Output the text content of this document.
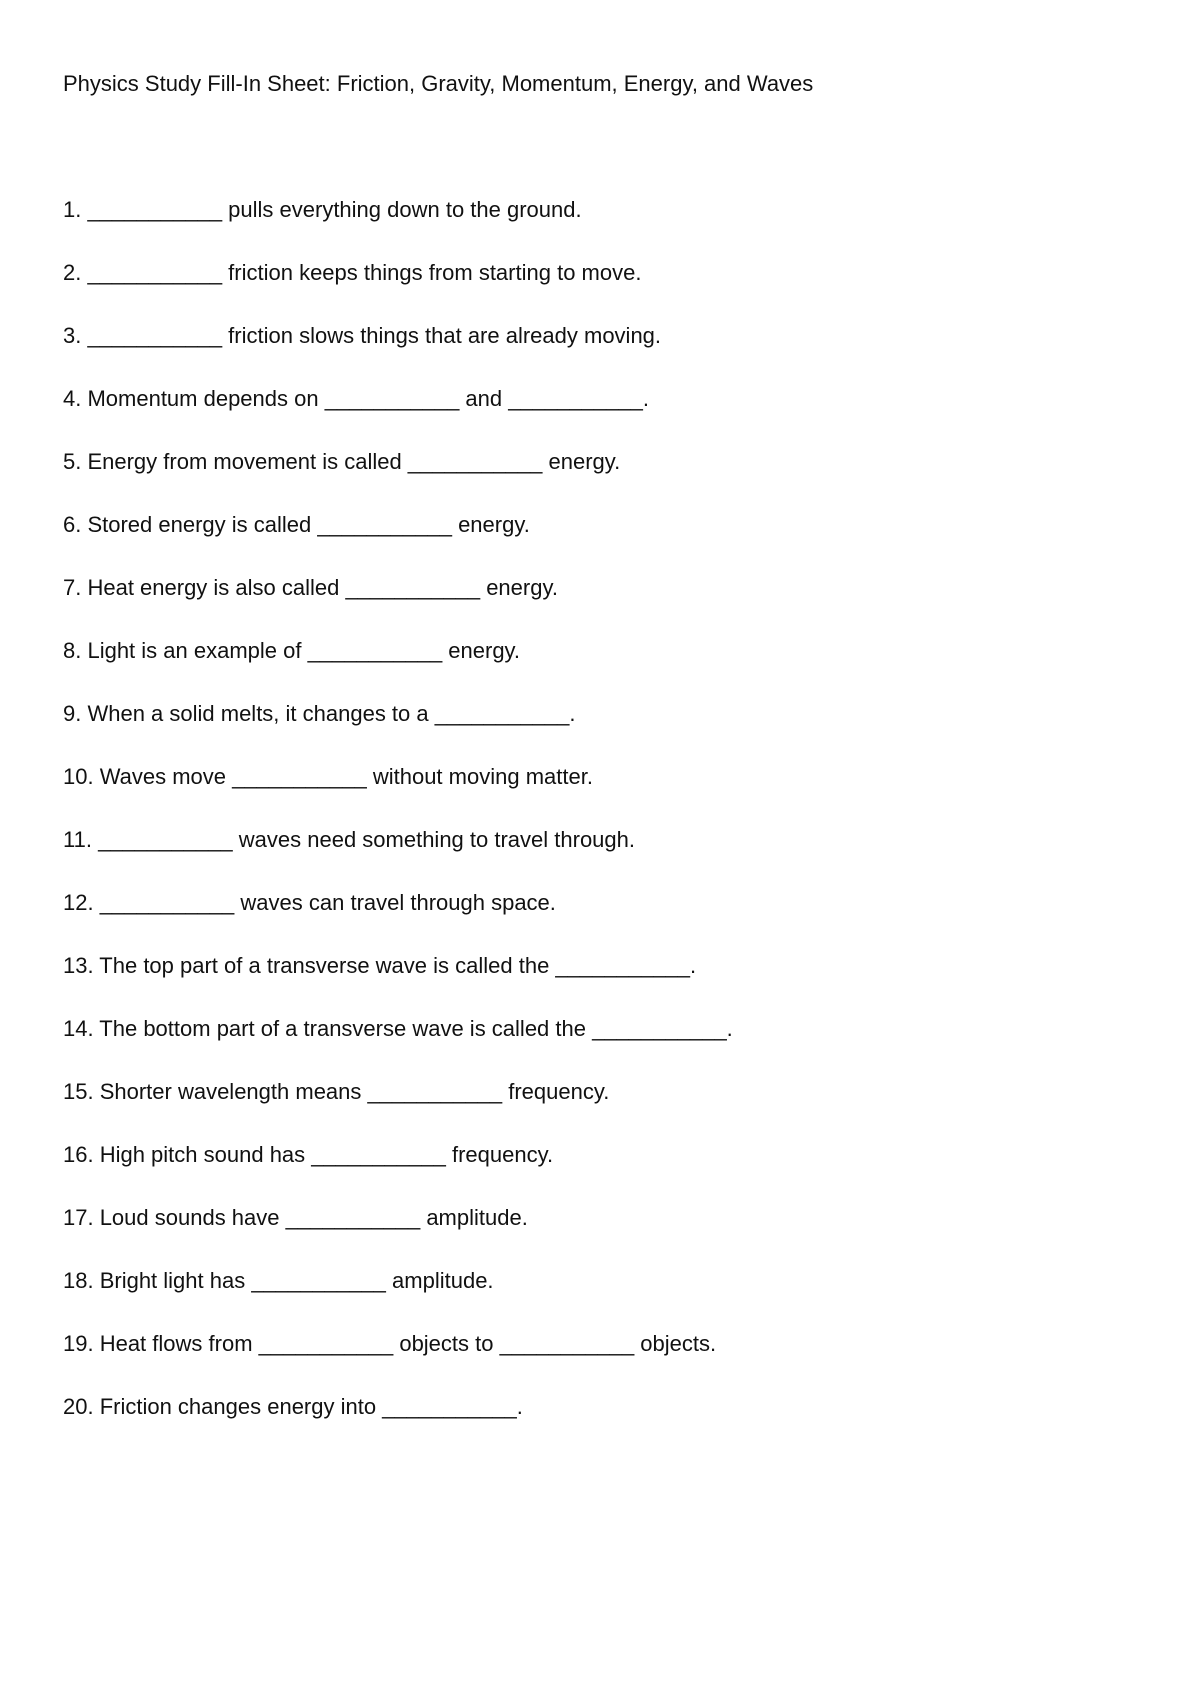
Physics Study Fill-In Sheet: Friction, Gravity, Momentum, Energy, and Waves
1. ___________ pulls everything down to the ground.
2. ___________ friction keeps things from starting to move.
3. ___________ friction slows things that are already moving.
4. Momentum depends on ___________ and ___________.
5. Energy from movement is called ___________ energy.
6. Stored energy is called ___________ energy.
7. Heat energy is also called ___________ energy.
8. Light is an example of ___________ energy.
9. When a solid melts, it changes to a ___________.
10. Waves move ___________ without moving matter.
11. ___________ waves need something to travel through.
12. ___________ waves can travel through space.
13. The top part of a transverse wave is called the ___________.
14. The bottom part of a transverse wave is called the ___________.
15. Shorter wavelength means ___________ frequency.
16. High pitch sound has ___________ frequency.
17. Loud sounds have ___________ amplitude.
18. Bright light has ___________ amplitude.
19. Heat flows from ___________ objects to ___________ objects.
20. Friction changes energy into ___________.
